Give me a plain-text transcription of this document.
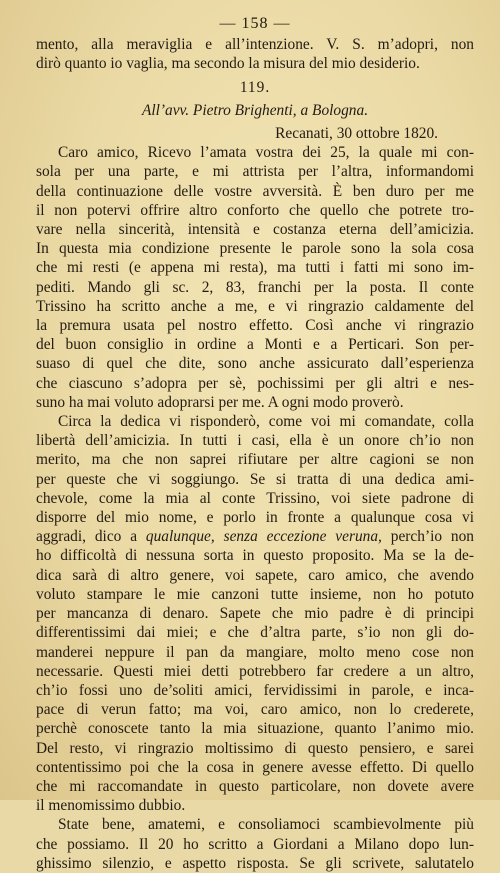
— 158 —
mento, alla meraviglia e all’intenzione. V. S. m’adopri, non
dirò quanto io vaglia, ma secondo la misura del mio desiderio.
119.
All’avv. Pietro Brighenti, a Bologna.
Recanati, 30 ottobre 1820.
Caro amico, Ricevo l’amata vostra dei 25, la quale mi con-
sola per una parte, e mi attrista per l’altra, informandomi
della continuazione delle vostre avversità. È ben duro per me
il non potervi offrire altro conforto che quello che potrete tro-
vare nella sincerità, intensità e costanza eterna dell’amicizia.
In questa mia condizione presente le parole sono la sola cosa
che mi resti (e appena mi resta), ma tutti i fatti mi sono im-
pediti. Mando gli sc. 2, 83, franchi per la posta. Il conte
Trissino ha scritto anche a me, e vi ringrazio caldamente del
la premura usata pel nostro effetto. Così anche vi ringrazio
del buon consiglio in ordine a Monti e a Perticari. Son per-
suaso di quel che dite, sono anche assicurato dall’esperienza
che ciascuno s’adopra per sè, pochissimi per gli altri e nes-
suno ha mai voluto adoprarsi per me. A ogni modo proverò.
Circa la dedica vi risponderò, come voi mi comandate, colla
libertà dell’amicizia. In tutti i casi, ella è un onore ch’io non
merito, ma che non saprei rifiutare per altre cagioni se non
per queste che vi soggiungo. Se si tratta di una dedica ami-
chevole, come la mia al conte Trissino, voi siete padrone di
disporre del mio nome, e porlo in fronte a qualunque cosa vi
aggradi, dico a qualunque, senza eccezione veruna, perch’io non
ho difficoltà di nessuna sorta in questo proposito. Ma se la de-
dica sarà di altro genere, voi sapete, caro amico, che avendo
voluto stampare le mie canzoni tutte insieme, non ho potuto
per mancanza di denaro. Sapete che mio padre è di principi
differentissimi dai miei; e che d’altra parte, s’io non gli do-
manderei neppure il pan da mangiare, molto meno cose non
necessarie. Questi miei detti potrebbero far credere a un altro,
ch’io fossi uno de’soliti amici, fervidissimi in parole, e inca-
pace di verun fatto; ma voi, caro amico, non lo crederete,
perchè conoscete tanto la mia situazione, quanto l’animo mio.
Del resto, vi ringrazio moltissimo di questo pensiero, e sarei
contentissimo poi che la cosa in genere avesse effetto. Di quello
che mi raccomandate in questo particolare, non dovete avere
il menomissimo dubbio.
State bene, amatemi, e consoliamoci scambievolmente più
che possiamo. Il 20 ho scritto a Giordani a Milano dopo lun-
ghissimo silenzio, e aspetto risposta. Se gli scrivete, salutatelo
